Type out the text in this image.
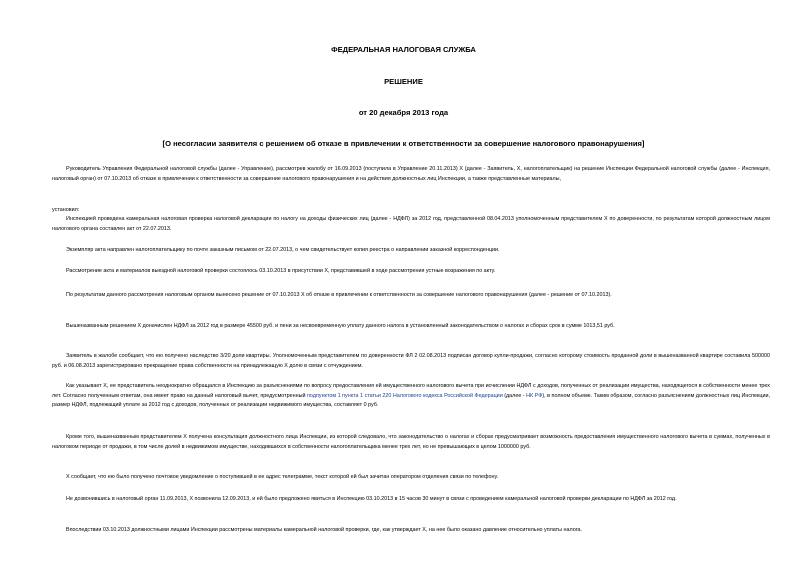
ФЕДЕРАЛЬНАЯ НАЛОГОВАЯ СЛУЖБА
РЕШЕНИЕ
от 20 декабря 2013 года
[О несогласии заявителя с решением об отказе в привлечении к ответственности за совершение налогового правонарушения]

Руководитель Управления Федеральной налоговой службы (далее - Управление), рассмотрев жалобу от 16.09.2013 (поступила в Управление 20.11.2013) Х (далее - Заявитель, Х, налогоплательщик) на решение Инспекции Федеральной налоговой службы (далее - Инспекция, налоговый орган) от 07.10.2013 об отказе в привлечении к ответственности за совершение налогового правонарушения и на действия должностных лиц Инспекции, а также представленные материалы,

установил:

Инспекцией проведена камеральная налоговая проверка налоговой декларации по налогу на доходы физических лиц (далее - НДФЛ) за 2012 год, представленной 08.04.2013 уполномоченным представителем Х по доверенности, по результатам которой должностным лицом налогового органа составлен акт от 22.07.2013.

Экземпляр акта направлен налогоплательщику по почте заказным письмом от 22.07.2013, о чем свидетельствует копия реестра о направлении заказной корреспонденции.

Рассмотрение акта и материалов выездной налоговой проверки состоялось 03.10.2013 в присутствии Х, представившей в ходе рассмотрения устные возражения по акту.

По результатам данного рассмотрения налоговым органом вынесено решение от 07.10.2013 Х об отказе в привлечении к ответственности за совершение налогового правонарушения (далее - решение от 07.10.2013).

Вышеназванным решением Х доначислен НДФЛ за 2012 год в размере 45500 руб. и пени за несвоевременную уплату данного налога в установленный законодательством о налогах и сборах срок в сумме 1013,51 руб.

Заявитель в жалобе сообщает, что ею получено наследство 3/20 доли квартиры. Уполномоченным представителем по доверенности ФЛ 2 02.08.2013 подписан договор купли-продажи, согласно которому стоимость проданной доли в вышеназванной квартире составила 500000 руб. и 06.08.2013 зарегистрировано прекращение права собственности на принадлежащую Х долю в связи с отчуждением.

Как указывает Х, ее представитель неоднократно обращался в Инспекцию за разъяснениями по вопросу предоставления ей имущественного налогового вычета при исчислении НДФЛ с доходов, полученных от реализации имущества, находящегося в собственности менее трех лет. Согласно полученным ответам, она имеет право на данный налоговый вычет, предусмотренный подпунктом 1 пункта 1 статьи 220 Налогового кодекса Российской Федерации (далее - НК РФ), в полном объеме. Таким образом, согласно разъяснениям должностных лиц Инспекции, размер НДФЛ, подлежащий уплате за 2012 год с доходов, полученных от реализации недвижимого имущества, составляет 0 руб.

Кроме того, вышеназванным представителем Х получена консультация должностного лица Инспекции, из которой следовало, что законодательство о налогах и сборах предусматривает возможность предоставления имущественного налогового вычета в суммах, полученных в налоговом периоде от продажи, в том числе долей в недвижимом имуществе, находившихся в собственности налогоплательщика менее трех лет, но не превышающих в целом 1000000 руб.

Х сообщает, что ею было получено почтовое уведомление о поступившей в ее адрес телеграмме, текст которой ей был зачитан оператором отделения связи по телефону.

Не дозвонившись в налоговый орган 11.09.2013, Х позвонила 12.09.2013, и ей было предложено явиться в Инспекцию 03.10.2013 в 15 часов 30 минут в связи с проведением камеральной налоговой проверки декларации по НДФЛ за 2012 год.

Впоследствии 03.10.2013 должностными лицами Инспекции рассмотрены материалы камеральной налоговой проверки, где, как утверждает Х, на нее было оказано давление относительно уплаты налога.
